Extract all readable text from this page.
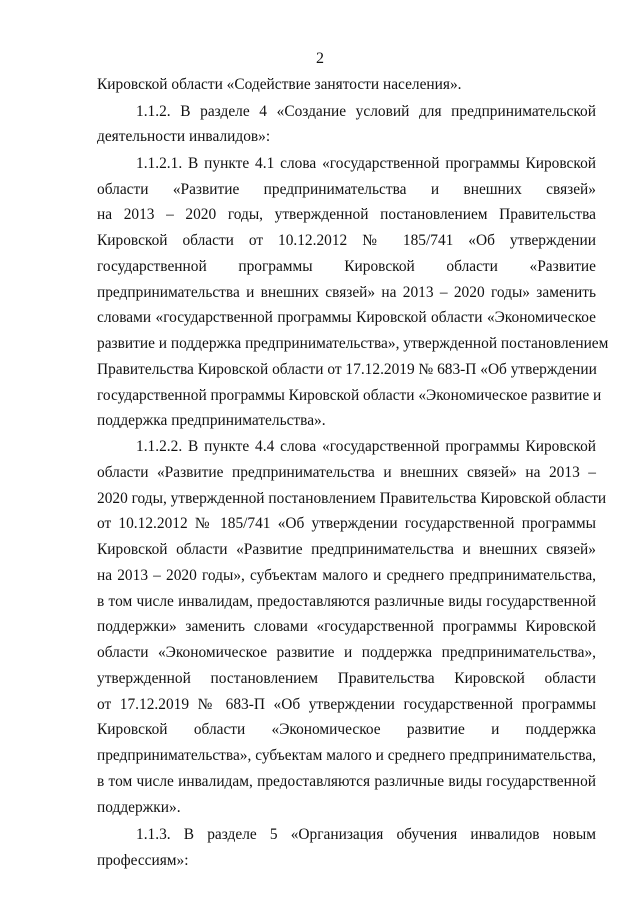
2
Кировской области «Содействие занятости населения».
1.1.2. В разделе 4 «Создание условий для предпринимательской
деятельности инвалидов»:
1.1.2.1. В пункте 4.1 слова «государственной программы Кировской
области «Развитие предпринимательства и внешних связей»
на 2013 – 2020 годы, утвержденной постановлением Правительства
Кировской области от 10.12.2012 № 185/741 «Об утверждении
государственной программы Кировской области «Развитие
предпринимательства и внешних связей» на 2013 – 2020 годы» заменить
словами «государственной программы Кировской области «Экономическое
развитие и поддержка предпринимательства», утвержденной постановлением
Правительства Кировской области от 17.12.2019 № 683-П «Об утверждении
государственной программы Кировской области «Экономическое развитие и
поддержка предпринимательства».
1.1.2.2. В пункте 4.4 слова «государственной программы Кировской
области «Развитие предпринимательства и внешних связей» на 2013 –
2020 годы, утвержденной постановлением Правительства Кировской области
от 10.12.2012 № 185/741 «Об утверждении государственной программы
Кировской области «Развитие предпринимательства и внешних связей»
на 2013 – 2020 годы», субъектам малого и среднего предпринимательства,
в том числе инвалидам, предоставляются различные виды государственной
поддержки» заменить словами «государственной программы Кировской
области «Экономическое развитие и поддержка предпринимательства»,
утвержденной постановлением Правительства Кировской области
от 17.12.2019 № 683-П «Об утверждении государственной программы
Кировской области «Экономическое развитие и поддержка
предпринимательства», субъектам малого и среднего предпринимательства,
в том числе инвалидам, предоставляются различные виды государственной
поддержки».
1.1.3. В разделе 5 «Организация обучения инвалидов новым
профессиям»:
